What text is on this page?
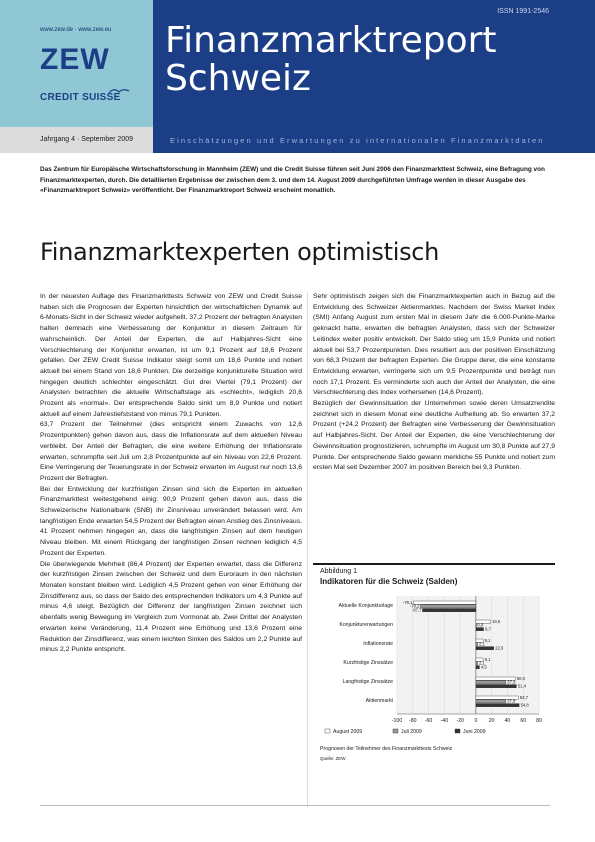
www.zew.de · www.zew.eu
ZEW
CREDIT SUISSE
ISSN 1991-2546
Finanzmarktreport
Schweiz
Jahrgang 4 · September 2009	Einschätzungen und Erwartungen zu internationalen Finanzmarktdaten
Das Zentrum für Europäische Wirtschaftsforschung in Mannheim (ZEW) und die Credit Suisse führen seit Juni 2006 den Finanzmarkttest Schweiz, eine Befragung von Finanzmarktexperten, durch. Die detaillierten Ergebnisse der zwischen dem 3. und dem 14. August 2009 durchgeführten Umfrage werden in dieser Ausgabe des «Finanzmarktreport Schweiz» veröffentlicht. Der Finanzmarktreport Schweiz erscheint monatlich.
Finanzmarktexperten optimistisch

In der neuesten Auflage des Finanzmarkttests Schweiz von ZEW und Credit Suisse haben sich die Prognosen der Experten hinsichtlich der wirtschaftlichen Dynamik auf 6-Monats-Sicht in der Schweiz wieder aufgehellt. 37,2 Prozent der befragten Analysten halten demnach eine Verbesserung der Konjunktur in diesem Zeitraum für wahrscheinlich. Der Anteil der Experten, die auf Halbjahres-Sicht eine Verschlechterung der Konjunktur erwarten, ist um 9,1 Prozent auf 18,6 Prozent gefallen. Der ZEW Credit Suisse Indikator steigt somit um 18,6 Punkte und notiert aktuell bei einem Stand von 18,6 Punkten. Die derzeitige konjunkturelle Situation wird hingegen deutlich schlechter eingeschätzt. Gut drei Viertel (79,1 Prozent) der Analysten betrachten die aktuelle Wirtschaftslage als «schlecht», lediglich 20,6 Prozent als «normal». Der entsprechende Saldo sinkt um 8,9 Punkte und notiert aktuell auf einem Jahrestiefststand von minus 79,1 Punkten.

63,7 Prozent der Teilnehmer (dies entspricht einem Zuwachs von 12,6 Prozentpunkten) gehen davon aus, dass die Inflationsrate auf dem aktuellen Niveau verbleibt. Der Anteil der Befragten, die eine weitere Erhöhung der Inflationsrate erwarten, schrumpfte seit Juli um 2,8 Prozentpunkte auf ein Niveau von 22,6 Prozent. Eine Verringerung der Teuerungsrate in der Schweiz erwarten im August nur noch 13,6 Prozent der Befragten.

Bei der Entwicklung der kurzfristigen Zinsen sind sich die Experten im aktuellen Finanzmarkttest weitestgehend einig: 90,9 Prozent gehen davon aus, dass die Schweizerische Nationalbank (SNB) ihr Zinsniveau unverändert belassen wird. Am langfristigen Ende erwarten 54,5 Prozent der Befragten einen Anstieg des Zinsniveaus. 41 Prozent nehmen hingegen an, dass die langfristigen Zinsen auf dem heutigen Niveau bleiben. Mit einem Rückgang der langfristigen Zinsen rechnen lediglich 4,5 Prozent der Experten.

Die überwiegende Mehrheit (86,4 Prozent) der Experten erwartet, dass die Differenz der kurzfristigen Zinsen zwischen der Schweiz und dem Euroraum in den nächsten Monaten konstant bleiben wird. Lediglich 4,5 Prozent gehen von einer Erhöhung der Zinsdifferenz aus, so dass der Saldo des entsprechenden Indikators um 4,3 Punkte auf minus 4,6 steigt. Bezüglich der Differenz der langfristigen Zinsen zeichnet sich ebenfalls wenig Bewegung im Vergleich zum Vormonat ab. Zwei Drittel der Analysten erwarten keine Veränderung, 11,4 Prozent eine Erhöhung und 13,6 Prozent eine Reduktion der Zinsdifferenz, was einem leichten Sinken des Saldos um 2,2 Punkte auf minus 2,2 Punkte entspricht.

Sehr optimistisch zeigen sich die Finanzmarktexperten auch in Bezug auf die Entwicklung des Schweizer Aktienmarktes. Nachdem der Swiss Market Index (SMI) Anfang August zum ersten Mal in diesem Jahr die 6.000-Punkte-Marke geknackt hatte, erwarten die befragten Analysten, dass sich der Schweizer Leitindex weiter positiv entwickelt. Der Saldo stieg um 15,9 Punkte und notiert aktuell bei 53,7 Prozentpunkten. Dies resultiert aus der positiven Einschätzung von 68,3 Prozent der befragten Experten. Die Gruppe derer, die eine konstante Entwicklung erwarten, verringerte sich um 9,5 Prozentpunkte und beträgt nun noch 17,1 Prozent. Es verminderte sich auch der Anteil der Analysten, die eine Verschlechterung des Index vorhersehen (14,6 Prozent).

Bezüglich der Gewinnsituation der Unternehmen sowie deren Umsatzrendite zeichnet sich in diesem Monat eine deutliche Aufhellung ab. So erwarten 37,2 Prozent (+24,2 Prozent) der Befragten eine Verbesserung der Gewinnsituation auf Halbjahres-Sicht. Der Anteil der Experten, die eine Verschlechterung der Gewinnsituation prognostizieren, schrumpfte im August um 30,8 Punkte auf 27,9 Punkte. Der entsprechende Saldo gewann merkliche 55 Punkte und notiert zum ersten Mal seit Dezember 2007 im positiven Bereich bei 9,3 Punkten.

Abbildung 1
Indikatoren für die Schweiz (Salden)
Aktuelle Konjunkturlage
-79,1
-70,2
-67,7
Konjunkturerwartungen
18,6
0,0
9,7
Inflationsrate
9,1
2,1
22,6
Kurzfristige Zinssätze
9,1
2,1
4,5
Langfristige Zinssätze
50,0
37,9
51,4
Aktienmarkt
53,7
37,8
54,8
-100 -80 -60 -40 -20 0 20 40 60 80
August 2009	Juli 2009	Juni 2009
Prognosen der Teilnehmer des Finanzmarkttests Schweiz
Quelle: ZEW
